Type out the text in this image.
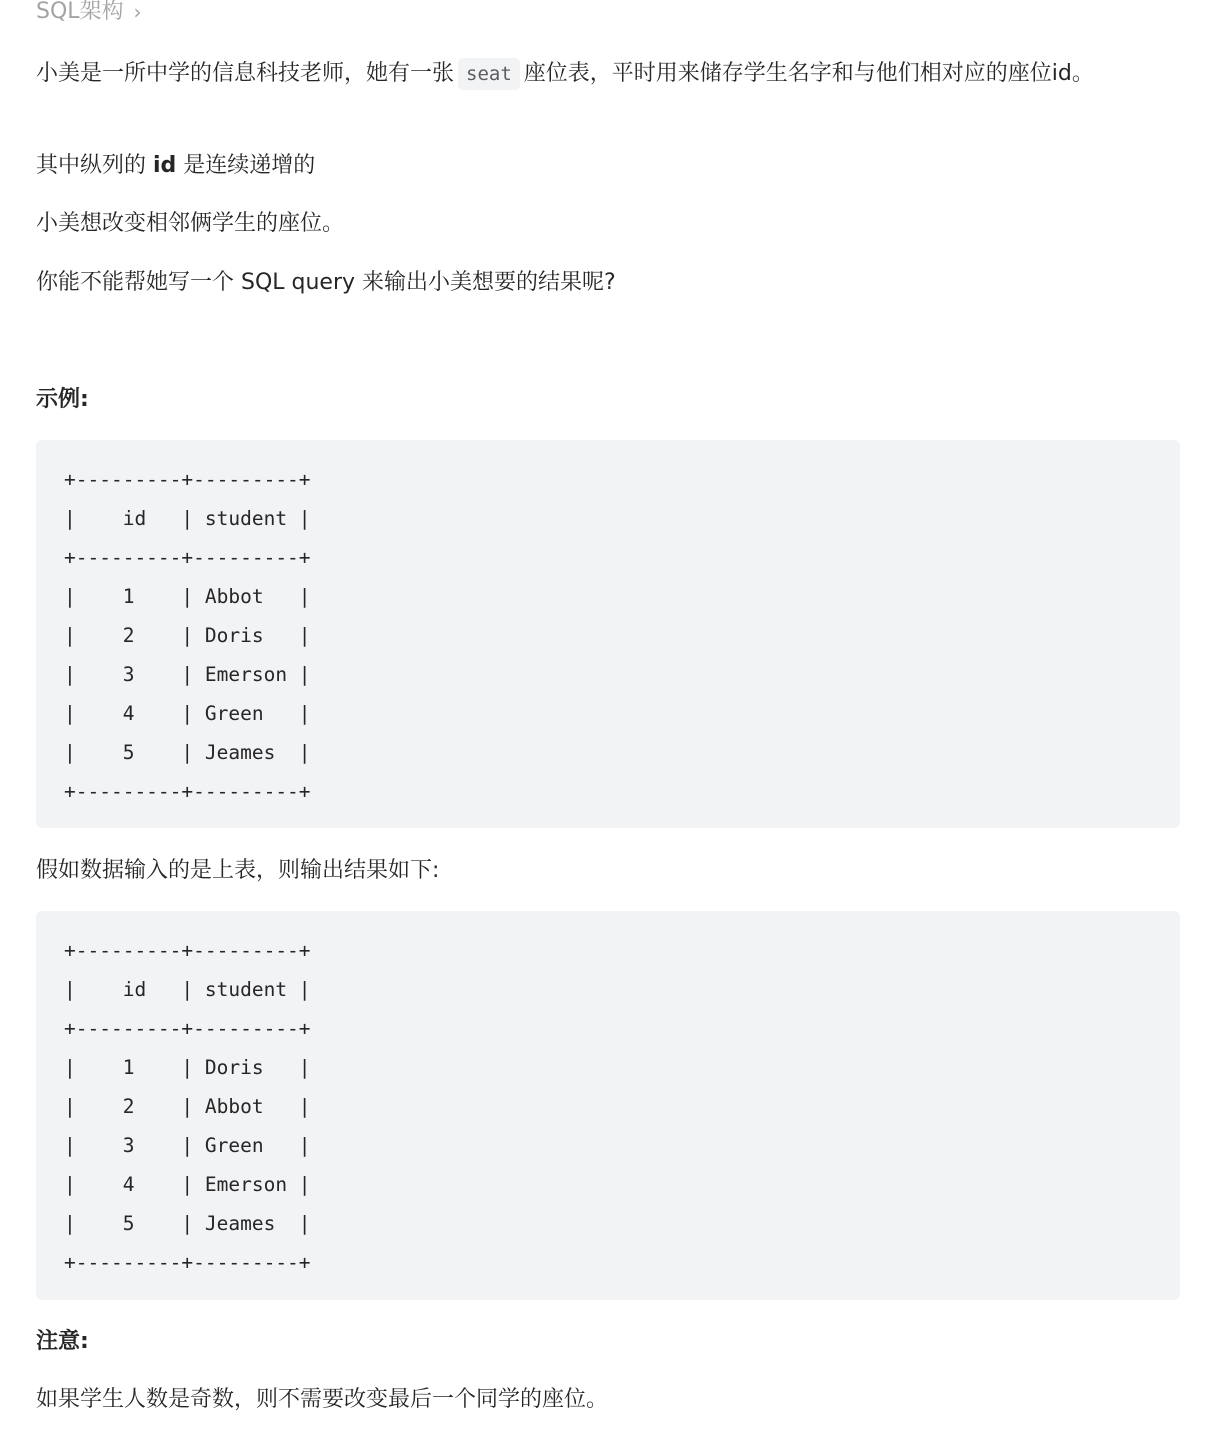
SQL架构 ›

小美是一所中学的信息科技老师，她有一张 seat 座位表，平时用来储存学生名字和与他们相对应的座位id。

其中纵列的 id 是连续递增的

小美想改变相邻俩学生的座位。

你能不能帮她写一个 SQL query 来输出小美想要的结果呢?

示例:
+---------+---------+
|    id   | student |
+---------+---------+
|    1    | Abbot   |
|    2    | Doris   |
|    3    | Emerson |
|    4    | Green   |
|    5    | Jeames  |
+---------+---------+

假如数据输入的是上表，则输出结果如下:

+---------+---------+
|    id   | student |
+---------+---------+
|    1    | Doris   |
|    2    | Abbot   |
|    3    | Green   |
|    4    | Emerson |
|    5    | Jeames  |
+---------+---------+
注意:

如果学生人数是奇数，则不需要改变最后一个同学的座位。
